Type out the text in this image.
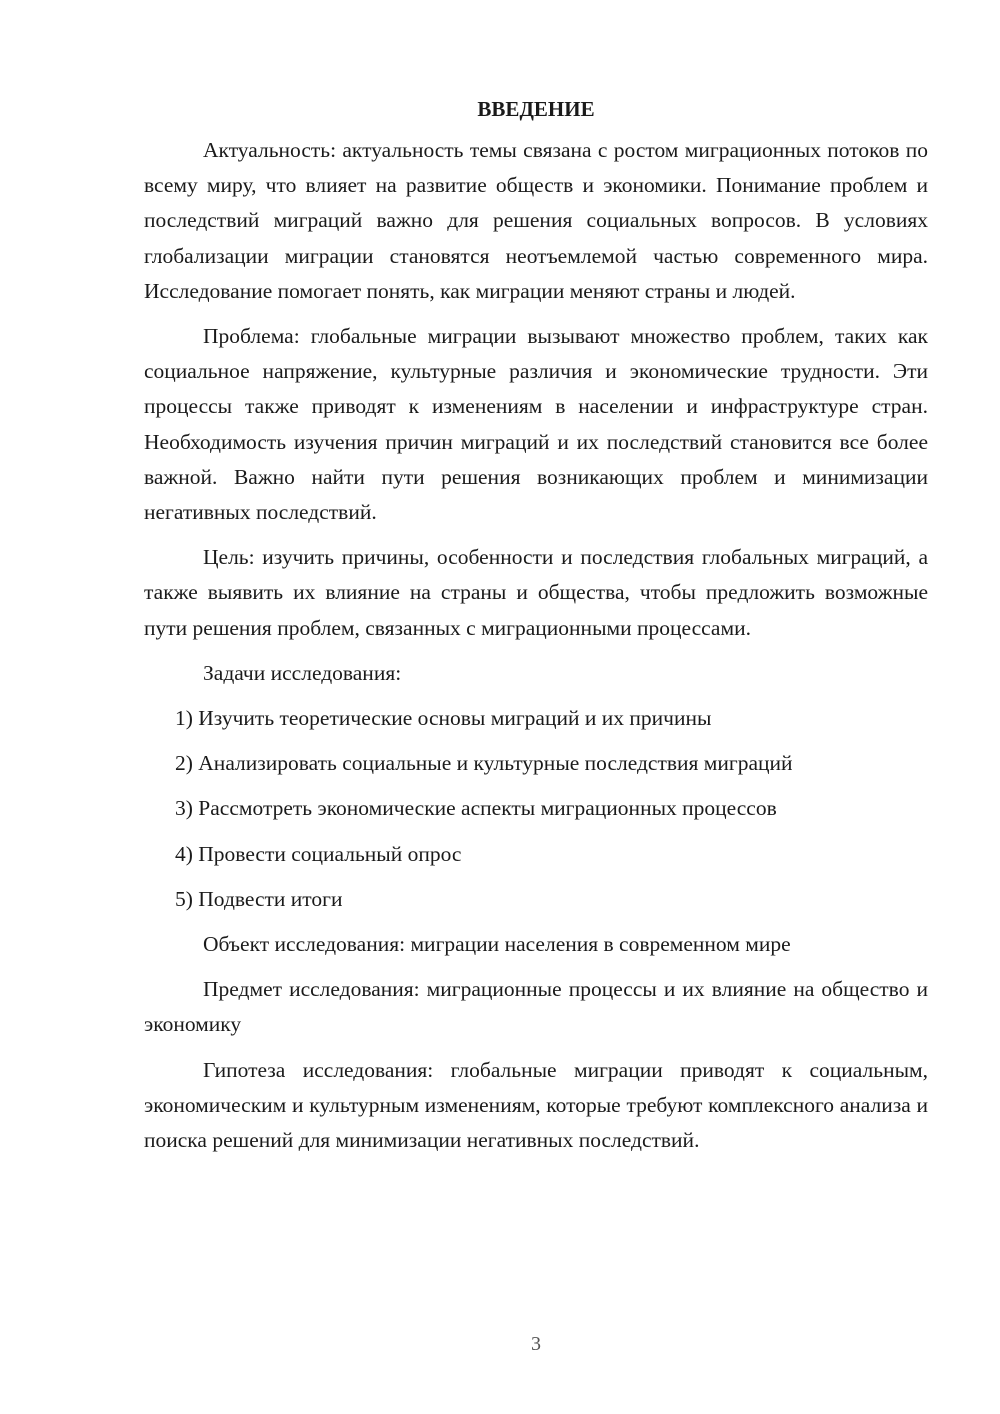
ВВЕДЕНИЕ

Актуальность: актуальность темы связана с ростом миграционных потоков по всему миру, что влияет на развитие обществ и экономики. Понимание проблем и последствий миграций важно для решения социальных вопросов. В условиях глобализации миграции становятся неотъемлемой частью современного мира. Исследование помогает понять, как миграции меняют страны и людей.

Проблема: глобальные миграции вызывают множество проблем, таких как социальное напряжение, культурные различия и экономические трудности. Эти процессы также приводят к изменениям в населении и инфраструктуре стран. Необходимость изучения причин миграций и их последствий становится все более важной. Важно найти пути решения возникающих проблем и минимизации негативных последствий.

Цель: изучить причины, особенности и последствия глобальных миграций, а также выявить их влияние на страны и общества, чтобы предложить возможные пути решения проблем, связанных с миграционными процессами.

Задачи исследования:

1) Изучить теоретические основы миграций и их причины
2) Анализировать социальные и культурные последствия миграций
3) Рассмотреть экономические аспекты миграционных процессов
4) Провести социальный опрос
5) Подвести итоги

Объект исследования: миграции населения в современном мире

Предмет исследования: миграционные процессы и их влияние на общество и экономику

Гипотеза исследования: глобальные миграции приводят к социальным, экономическим и культурным изменениям, которые требуют комплексного анализа и поиска решений для минимизации негативных последствий.

3
